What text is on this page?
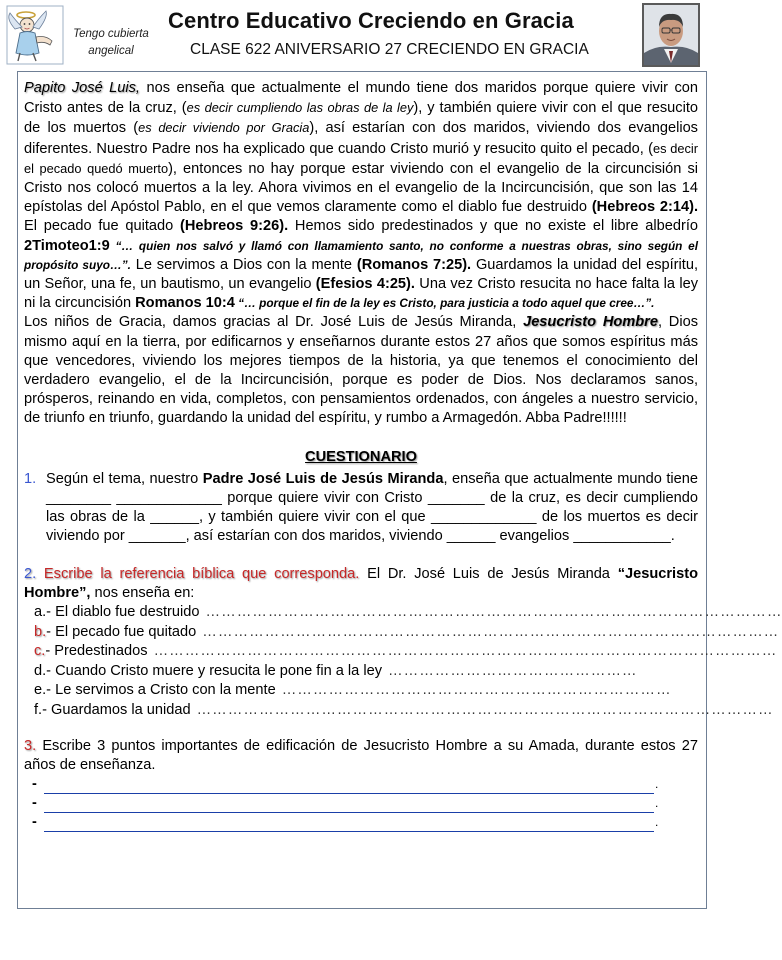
Tengo cubierta angelical
Centro Educativo Creciendo en Gracia
CLASE 622 ANIVERSARIO 27 CRECIENDO EN GRACIA

Papito José Luis, nos enseña que actualmente el mundo tiene dos maridos porque quiere vivir con Cristo antes de la cruz, (es decir cumpliendo las obras de la ley), y también quiere vivir con el que resucito de los muertos (es decir viviendo por Gracia), así estarían con dos maridos, viviendo dos evangelios diferentes. Nuestro Padre nos ha explicado que cuando Cristo murió y resucito quito el pecado, (es decir el pecado quedó muerto), entonces no hay porque estar viviendo con el evangelio de la circuncisión si Cristo nos colocó muertos a la ley. Ahora vivimos en el evangelio de la Incircuncisión, que son las 14 epístolas del Apóstol Pablo, en el que vemos claramente como el diablo fue destruido (Hebreos 2:14). El pecado fue quitado (Hebreos 9:26). Hemos sido predestinados y que no existe el libre albedrío 2Timoteo1:9 “… quien nos salvó y llamó con llamamiento santo, no conforme a nuestras obras, sino según el propósito suyo…”. Le servimos a Dios con la mente (Romanos 7:25). Guardamos la unidad del espíritu, un Señor, una fe, un bautismo, un evangelio (Efesios 4:25). Una vez Cristo resucita no hace falta la ley ni la circuncisión Romanos 10:4 “… porque el fin de la ley es Cristo, para justicia a todo aquel que cree…”.

Los niños de Gracia, damos gracias al Dr. José Luis de Jesús Miranda, Jesucristo Hombre, Dios mismo aquí en la tierra, por edificarnos y enseñarnos durante estos 27 años que somos espíritus más que vencedores, viviendo los mejores tiempos de la historia, ya que tenemos el conocimiento del verdadero evangelio, el de la Incircuncisión, porque es poder de Dios. Nos declaramos sanos, prósperos, reinando en vida, completos, con pensamientos ordenados, con ángeles a nuestro servicio, de triunfo en triunfo, guardando la unidad del espíritu, y rumbo a Armagedón. Abba Padre!!!!!!

CUESTIONARIO

1. Según el tema, nuestro Padre José Luis de Jesús Miranda, enseña que actualmente mundo tiene ________ _____________ porque quiere vivir con Cristo _______ de la cruz, es decir cumpliendo las obras de la ______, y también quiere vivir con el que _____________ de los muertos es decir viviendo por _______, así estarían con dos maridos, viviendo ______ evangelios ____________.

2. Escribe la referencia bíblica que corresponda. El Dr. José Luis de Jesús Miranda “Jesucristo Hombre”, nos enseña en:

a. - El diablo fue destruido …………………………………………………………………………………………………
b. - El pecado fue quitado …………………………………………………………………………………………………
c. - Predestinados …………………………………………………………………………………………………………
d. - Cuando Cristo muere y resucita le pone fin a la ley …………………………………………
e. - Le servimos a Cristo con la mente …………………………………………………………………
f. - Guardamos la unidad …………………………………………………………………………………………………

3. Escribe 3 puntos importantes de edificación de Jesucristo Hombre a su Amada, durante estos 27 años de enseñanza.

-	.
-	.
-	.
